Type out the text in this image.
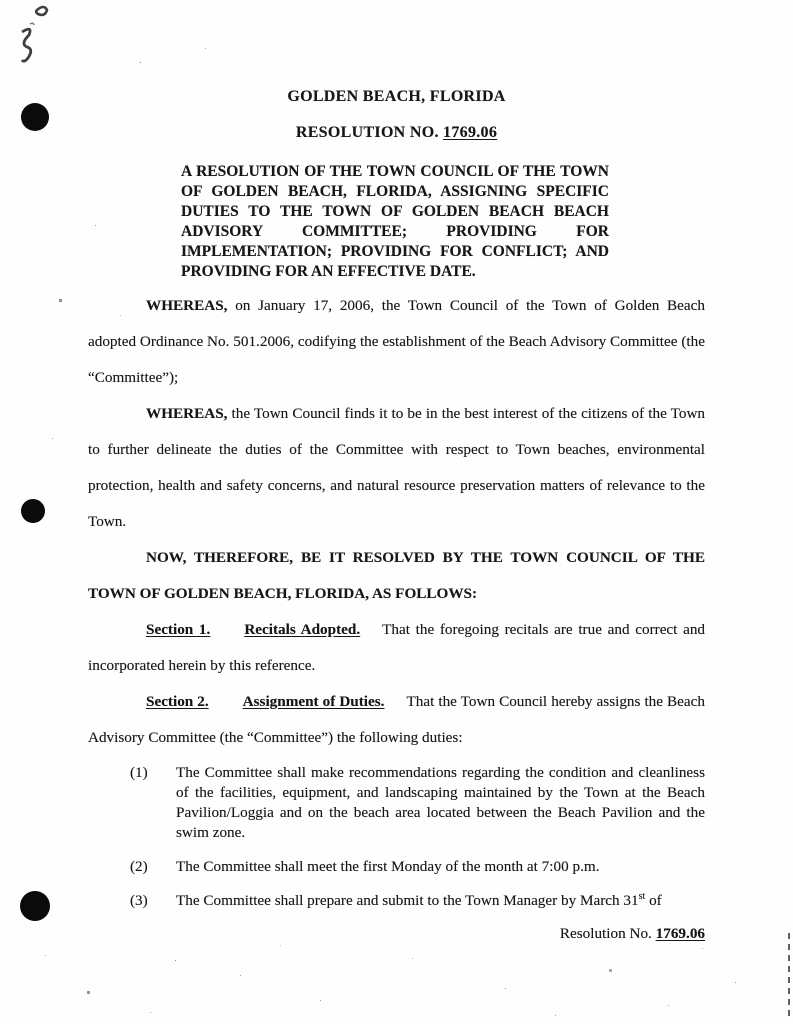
GOLDEN BEACH, FLORIDA
RESOLUTION NO. 1769.06

A RESOLUTION OF THE TOWN COUNCIL OF THE TOWN OF GOLDEN BEACH, FLORIDA, ASSIGNING SPECIFIC DUTIES TO THE TOWN OF GOLDEN BEACH BEACH ADVISORY COMMITTEE; PROVIDING FOR IMPLEMENTATION; PROVIDING FOR CONFLICT; AND PROVIDING FOR AN EFFECTIVE DATE.

WHEREAS, on January 17, 2006, the Town Council of the Town of Golden Beach adopted Ordinance No. 501.2006, codifying the establishment of the Beach Advisory Committee (the “Committee”);

WHEREAS, the Town Council finds it to be in the best interest of the citizens of the Town to further delineate the duties of the Committee with respect to Town beaches, environmental protection, health and safety concerns, and natural resource preservation matters of relevance to the Town.

NOW, THEREFORE, BE IT RESOLVED BY THE TOWN COUNCIL OF THE TOWN OF GOLDEN BEACH, FLORIDA, AS FOLLOWS:

Section 1. Recitals Adopted. That the foregoing recitals are true and correct and incorporated herein by this reference.

Section 2. Assignment of Duties. That the Town Council hereby assigns the Beach Advisory Committee (the “Committee”) the following duties:

(1)	The Committee shall make recommendations regarding the condition and cleanliness of the facilities, equipment, and landscaping maintained by the Town at the Beach Pavilion/Loggia and on the beach area located between the Beach Pavilion and the swim zone.
(2)	The Committee shall meet the first Monday of the month at 7:00 p.m.
(3)	The Committee shall prepare and submit to the Town Manager by March 31st of
Resolution No. 1769.06
